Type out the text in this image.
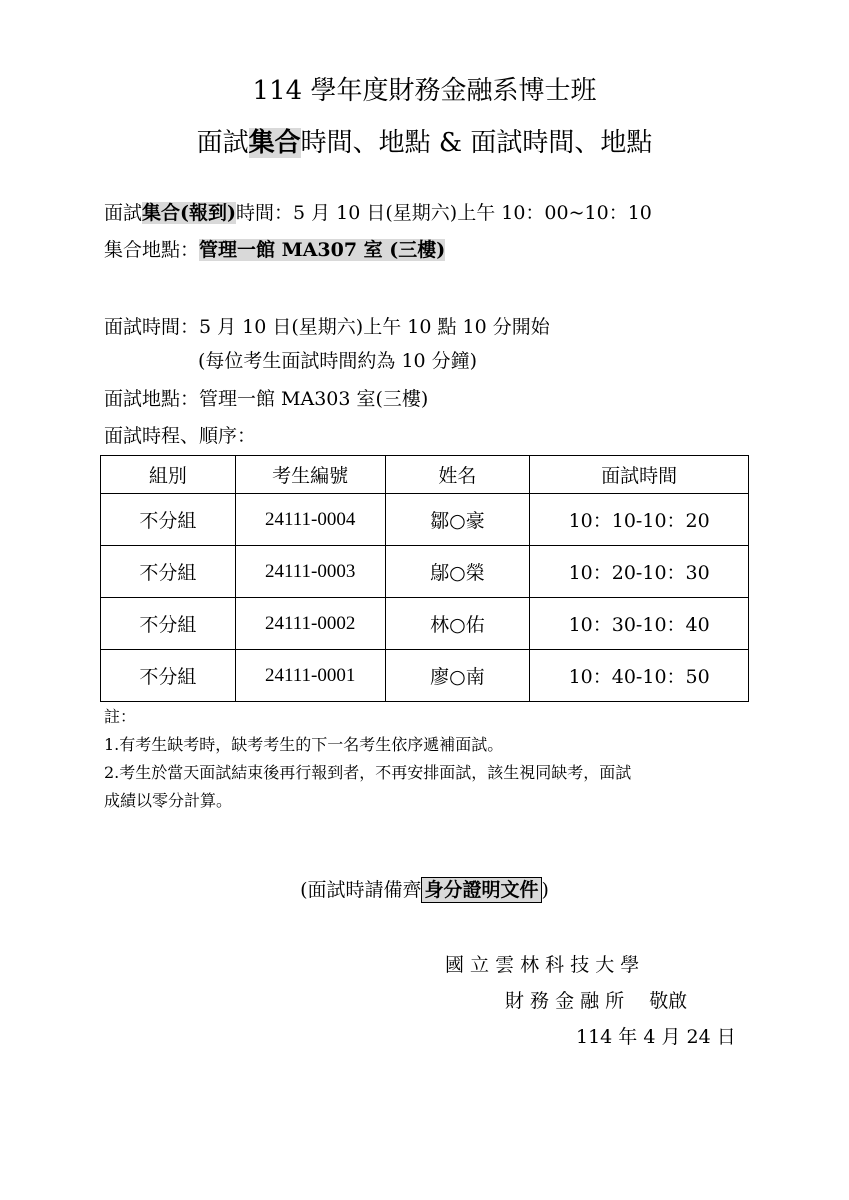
114 學年度財務金融系博士班
面試集合時間、地點 & 面試時間、地點
面試集合(報到)時間：5 月 10 日(星期六)上午 10：00~10：10
集合地點：管理一館 MA307 室 (三樓)
面試時間：5 月 10 日(星期六)上午 10 點 10 分開始
(每位考生面試時間約為 10 分鐘)
面試地點：管理一館 MA303 室(三樓)
面試時程、順序：
組別	考生編號	姓名	面試時間
不分組	24111-0004	鄒○豪	10：10-10：20
不分組	24111-0003	鄔○榮	10：20-10：30
不分組	24111-0002	林○佑	10：30-10：40
不分組	24111-0001	廖○南	10：40-10：50
註：
1.有考生缺考時，缺考考生的下一名考生依序遞補面試。
2.考生於當天面試結束後再行報到者，不再安排面試，該生視同缺考，面試
成績以零分計算。
(面試時請備齊 身分證明文件 )
國 立 雲 林 科 技 大 學
財 務 金 融 所　 敬啟
114 年 4 月 24 日
